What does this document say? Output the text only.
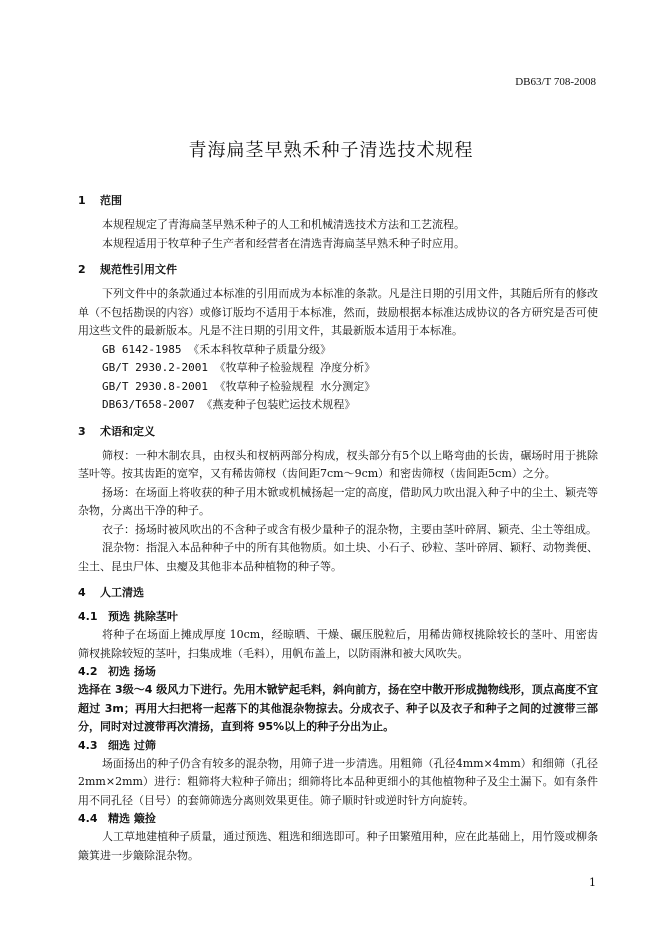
DB63/T 708-2008
青海扁茎早熟禾种子清选技术规程
1 范围

本规程规定了青海扁茎早熟禾种子的人工和机械清选技术方法和工艺流程。

本规程适用于牧草种子生产者和经营者在清选青海扁茎早熟禾种子时应用。

2 规范性引用文件

下列文件中的条款通过本标准的引用而成为本标准的条款。凡是注日期的引用文件，其随后所有的修改单（不包括勘误的内容）或修订版均不适用于本标准，然而，鼓励根据本标准达成协议的各方研究是否可使用这些文件的最新版本。凡是不注日期的引用文件，其最新版本适用于本标准。

GB 6142-1985 《禾本科牧草种子质量分级》
GB/T 2930.2-2001 《牧草种子检验规程 净度分析》
GB/T 2930.8-2001 《牧草种子检验规程 水分测定》
DB63/T658-2007 《燕麦种子包装贮运技术规程》
3 术语和定义

筛杈：一种木制农具，由杈头和杈柄两部分构成，杈头部分有5个以上略弯曲的长齿，碾场时用于挑除茎叶等。按其齿距的宽窄，又有稀齿筛杈（齿间距7cm～9cm）和密齿筛杈（齿间距5cm）之分。

扬场：在场面上将收获的种子用木锨或机械扬起一定的高度，借助风力吹出混入种子中的尘土、颖壳等杂物，分离出干净的种子。

衣子：扬场时被风吹出的不含种子或含有极少量种子的混杂物，主要由茎叶碎屑、颖壳、尘土等组成。

混杂物：指混入本品种种子中的所有其他物质。如土块、小石子、砂粒、茎叶碎屑、颖籽、动物粪便、尘土、昆虫尸体、虫瘿及其他非本品种植物的种子等。

4 人工清选
4.1 预选 挑除茎叶

将种子在场面上摊成厚度 10cm，经晾晒、干燥、碾压脱粒后，用稀齿筛杈挑除较长的茎叶、用密齿筛杈挑除较短的茎叶，扫集成堆（毛料），用帆布盖上，以防雨淋和被大风吹失。

4.2 初选 扬场

选择在 3级～4 级风力下进行。先用木锨铲起毛料，斜向前方，扬在空中散开形成抛物线形，顶点高度不宜超过 3m；再用大扫把将一起落下的其他混杂物掠去。分成衣子、种子以及衣子和种子之间的过渡带三部分，同时对过渡带再次清扬，直到将 95%以上的种子分出为止。

4.3 细选 过筛

场面扬出的种子仍含有较多的混杂物，用筛子进一步清选。用粗筛（孔径4mm×4mm）和细筛（孔径2mm×2mm）进行：粗筛将大粒种子筛出；细筛将比本品种更细小的其他植物种子及尘土漏下。如有条件用不同孔径（目号）的套筛筛选分离则效果更佳。筛子顺时针或逆时针方向旋转。

4.4 精选 簸捡

人工草地建植种子质量，通过预选、粗选和细选即可。种子田繁殖用种，应在此基础上，用竹篾或柳条簸箕进一步簸除混杂物。

1
